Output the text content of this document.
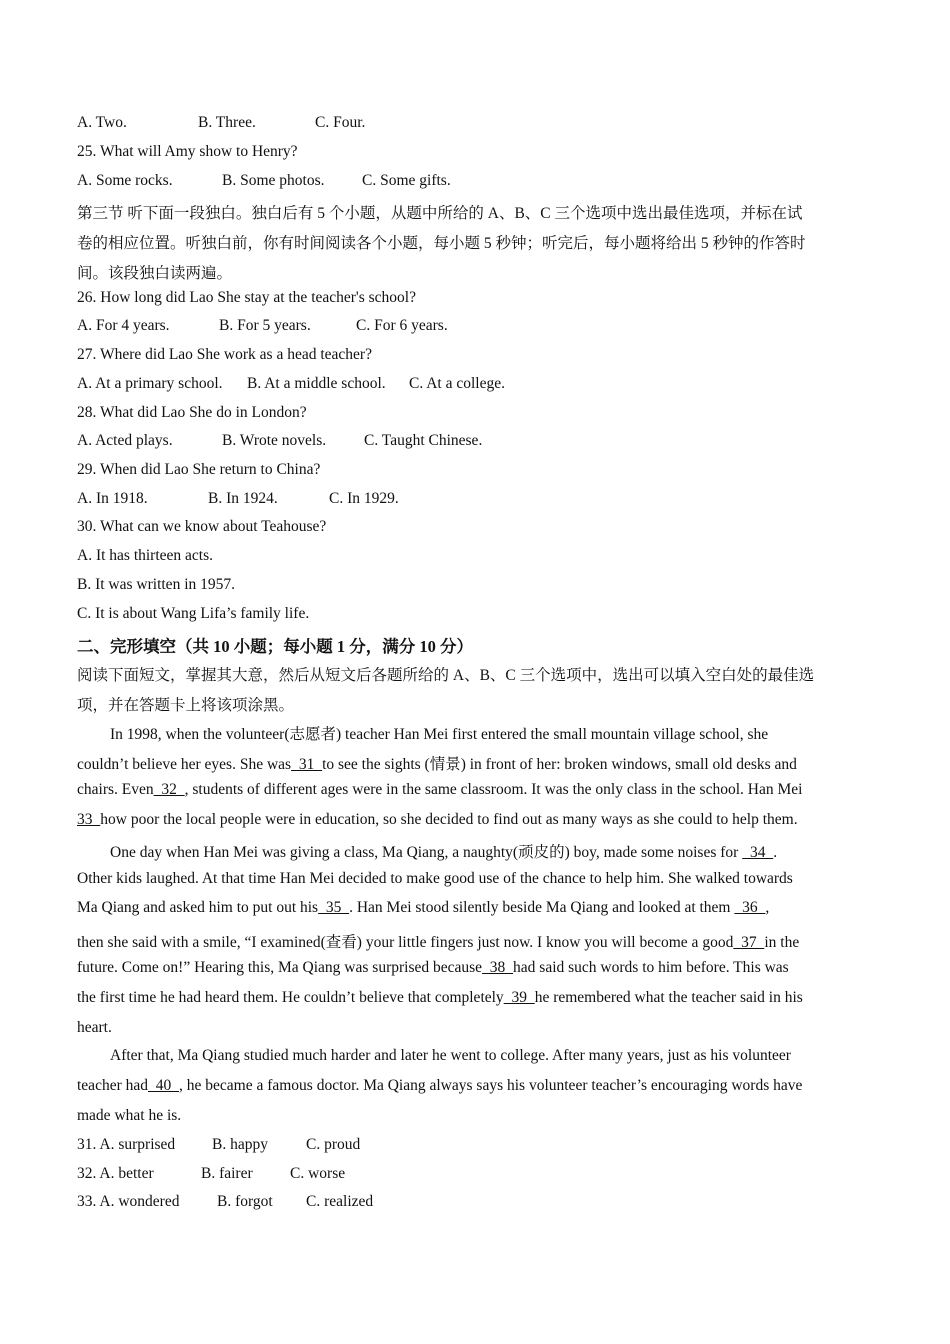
A. Two.	B. Three.	C. Four.
25. What will Amy show to Henry?
A. Some rocks.	B. Some photos. C. Some gifts.
第三节 听下面一段独白。独白后有 5 个小题，从题中所给的 A、B、C 三个选项中选出最佳选项，并标在试
卷的相应位置。听独白前，你有时间阅读各个小题，每小题 5 秒钟；听完后，每小题将给出 5 秒钟的作答时
间。该段独白读两遍。
26. How long did Lao She stay at the teacher's school?
A. For 4 years.	B. For 5 years.	C. For 6 years.
27. Where did Lao She work as a head teacher?
A. At a primary school. B. At a middle school. C. At a college.
28. What did Lao She do in London?
A. Acted plays.	B. Wrote novels. C. Taught Chinese.
29. When did Lao She return to China?
A. In 1918.	B. In 1924.	C. In 1929.
30. What can we know about Teahouse?
A. It has thirteen acts.
B. It was written in 1957.
C. It is about Wang Lifa’s family life.
二、完形填空（共 10 小题；每小题 1 分，满分 10 分）
阅读下面短文，掌握其大意，然后从短文后各题所给的 A、B、C 三个选项中，选出可以填入空白处的最佳选
项，并在答题卡上将该项涂黑。
In 1998, when the volunteer(志愿者) teacher Han Mei first entered the small mountain village school, she
couldn’t believe her eyes. She was  31  to see the sights (情景) in front of her: broken windows, small old desks and
chairs. Even  32  , students of different ages were in the same classroom. It was the only class in the school. Han Mei
33  how poor the local people were in education, so she decided to find out as many ways as she could to help them.
One day when Han Mei was giving a class, Ma Qiang, a naughty(顽皮的) boy, made some noises for   34  .
Other kids laughed. At that time Han Mei decided to make good use of the chance to help him. She walked towards
Ma Qiang and asked him to put out his  35  . Han Mei stood silently beside Ma Qiang and looked at them   36  ,
then she said with a smile, “I examined(查看) your little fingers just now. I know you will become a good  37  in the
future. Come on!” Hearing this, Ma Qiang was surprised because  38  had said such words to him before. This was
the first time he had heard them. He couldn’t believe that completely  39  he remembered what the teacher said in his
heart.
After that, Ma Qiang studied much harder and later he went to college. After many years, just as his volunteer
teacher had  40  , he became a famous doctor. Ma Qiang always says his volunteer teacher’s encouraging words have
made what he is.
31. A. surprised B. happy C. proud
32. A. better	B. fairer C. worse
33. A. wondered B. forgot C. realized
